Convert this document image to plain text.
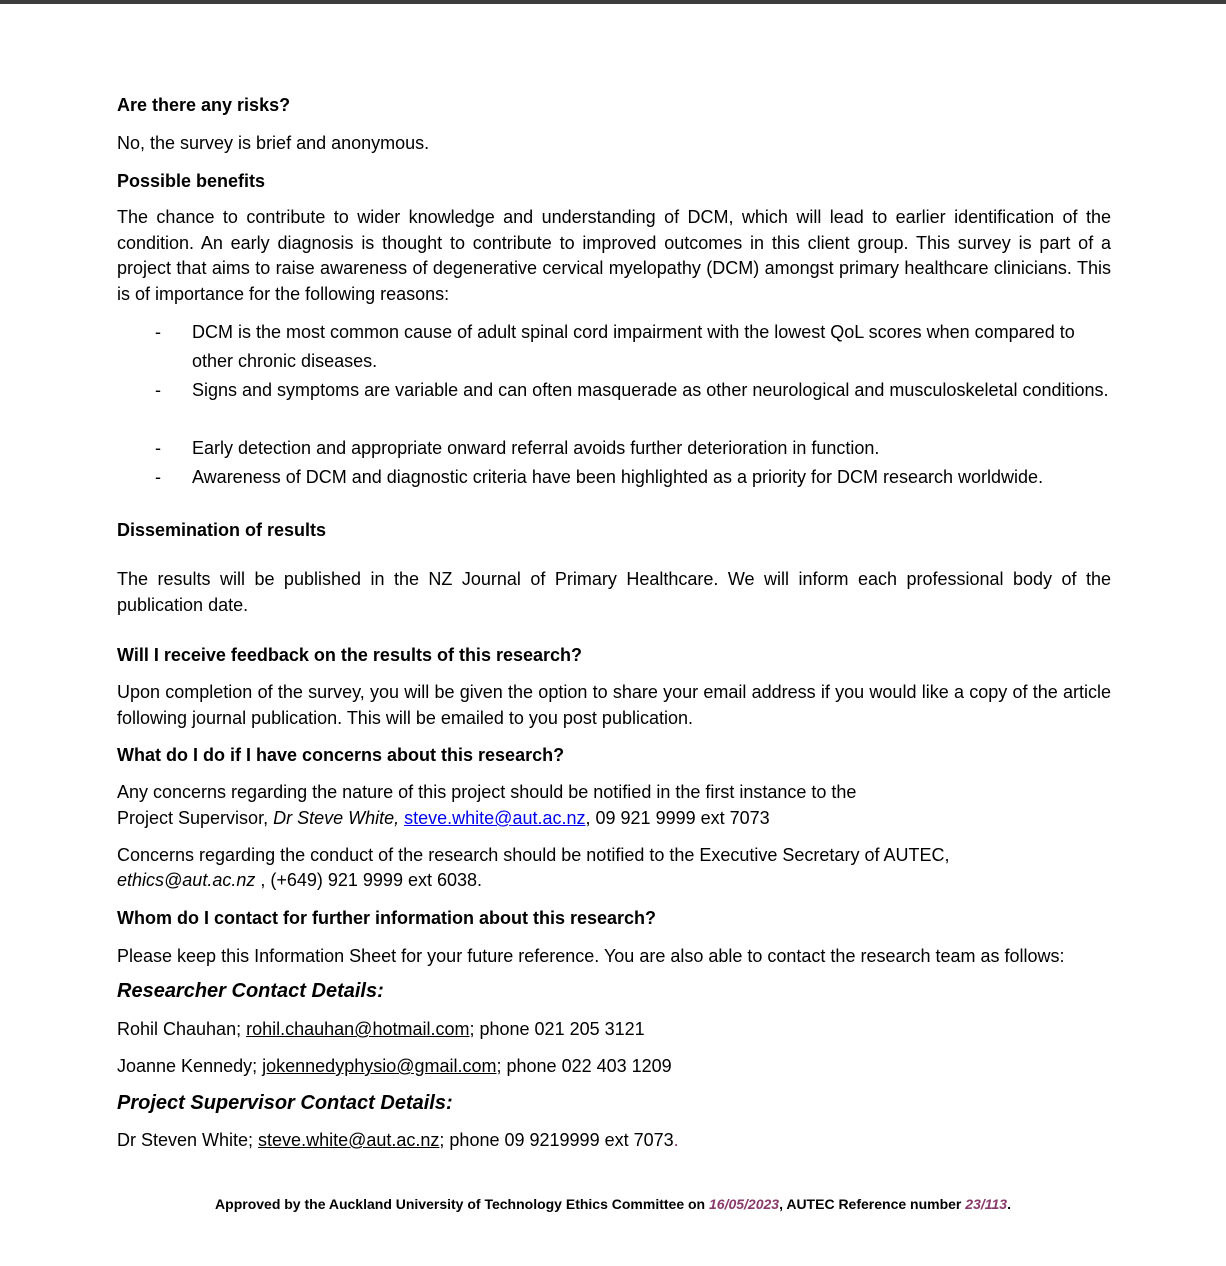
Are there any risks?
No, the survey is brief and anonymous.
Possible benefits
The chance to contribute to wider knowledge and understanding of DCM, which will lead to earlier identification of the condition. An early diagnosis is thought to contribute to improved outcomes in this client group. This survey is part of a project that aims to raise awareness of degenerative cervical myelopathy (DCM) amongst primary healthcare clinicians. This is of importance for the following reasons:
- DCM is the most common cause of adult spinal cord impairment with the lowest QoL scores when compared to other chronic diseases.
- Signs and symptoms are variable and can often masquerade as other neurological and musculoskeletal conditions.
- Early detection and appropriate onward referral avoids further deterioration in function.
- Awareness of DCM and diagnostic criteria have been highlighted as a priority for DCM research worldwide.
Dissemination of results
The results will be published in the NZ Journal of Primary Healthcare. We will inform each professional body of the publication date.
Will I receive feedback on the results of this research?
Upon completion of the survey, you will be given the option to share your email address if you would like a copy of the article following journal publication. This will be emailed to you post publication.
What do I do if I have concerns about this research?
Any concerns regarding the nature of this project should be notified in the first instance to the
Project Supervisor, Dr Steve White, steve.white@aut.ac.nz, 09 921 9999 ext 7073
Concerns regarding the conduct of the research should be notified to the Executive Secretary of AUTEC,
ethics@aut.ac.nz , (+649) 921 9999 ext 6038.
Whom do I contact for further information about this research?
Please keep this Information Sheet for your future reference. You are also able to contact the research team as follows:
Researcher Contact Details:
Rohil Chauhan; rohil.chauhan@hotmail.com; phone 021 205 3121
Joanne Kennedy; jokennedyphysio@gmail.com; phone 022 403 1209
Project Supervisor Contact Details:
Dr Steven White; steve.white@aut.ac.nz; phone 09 9219999 ext 7073.
Approved by the Auckland University of Technology Ethics Committee on 16/05/2023, AUTEC Reference number 23/113.
